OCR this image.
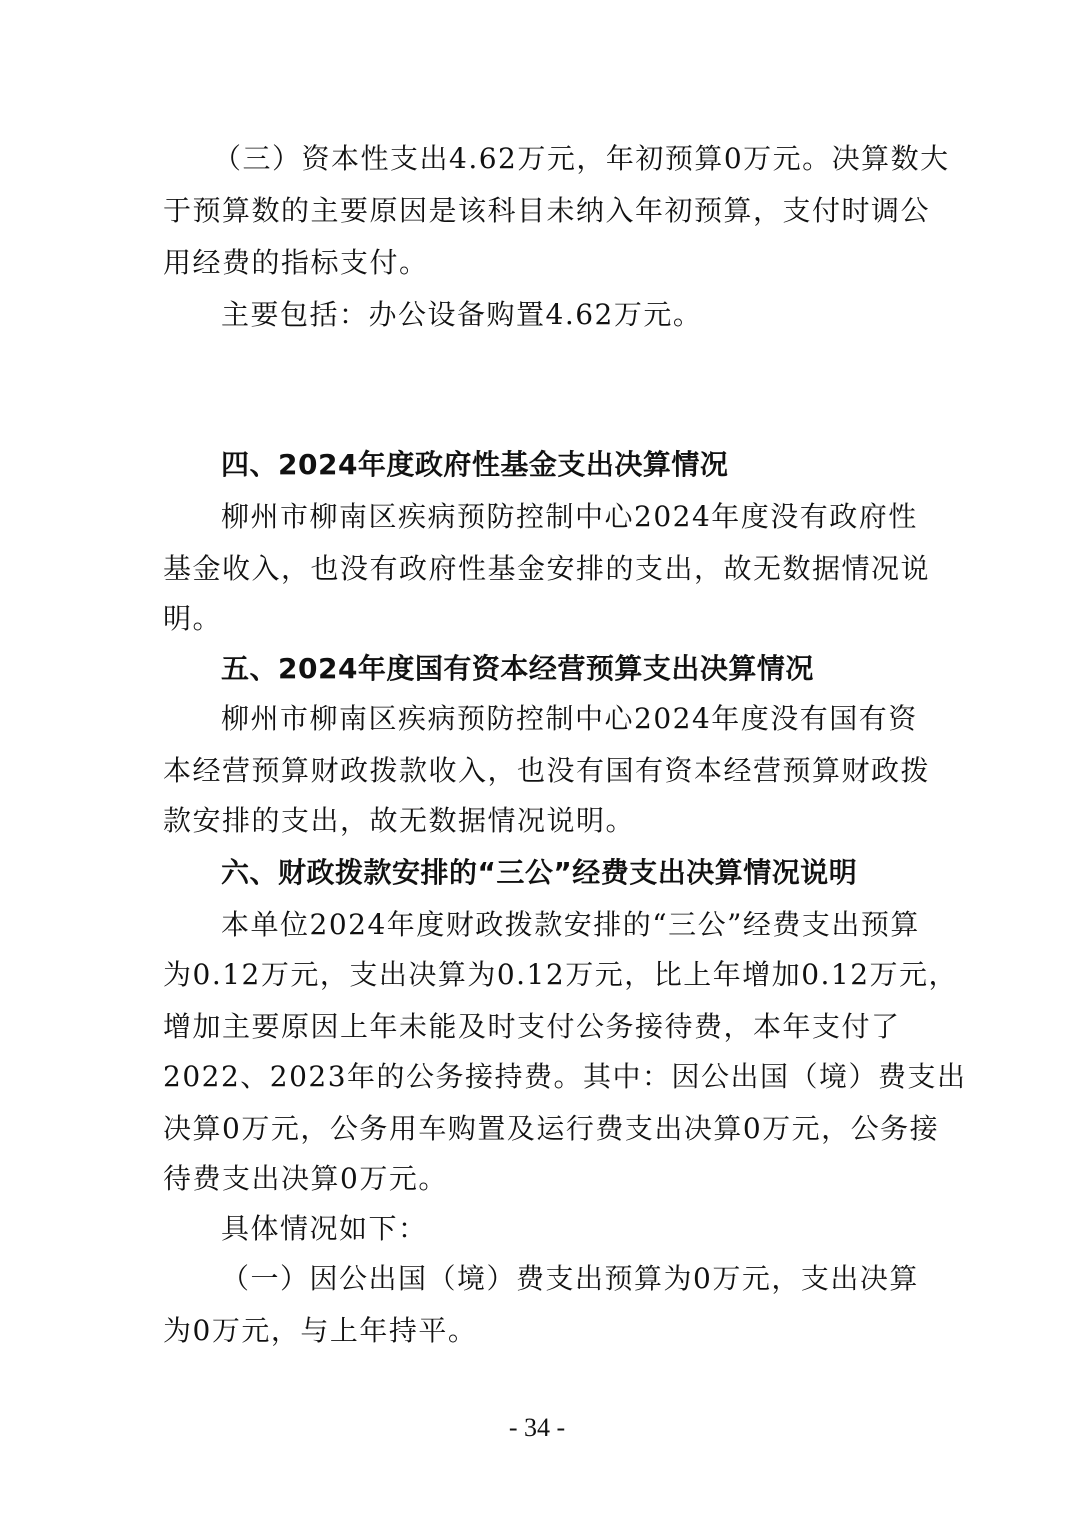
（三）资本性支出4.62万元，年初预算0万元。决算数大

于预算数的主要原因是该科目未纳入年初预算，支付时调公

用经费的指标支付。

主要包括：办公设备购置4.62万元。

四、2024年度政府性基金支出决算情况

柳州市柳南区疾病预防控制中心2024年度没有政府性

基金收入，也没有政府性基金安排的支出，故无数据情况说

明。

五、2024年度国有资本经营预算支出决算情况

柳州市柳南区疾病预防控制中心2024年度没有国有资

本经营预算财政拨款收入，也没有国有资本经营预算财政拨

款安排的支出，故无数据情况说明。

六、财政拨款安排的“三公”经费支出决算情况说明

本单位2024年度财政拨款安排的“三公”经费支出预算

为0.12万元，支出决算为0.12万元，比上年增加0.12万元，

增加主要原因上年未能及时支付公务接待费，本年支付了

2022、2023年的公务接持费。其中：因公出国（境）费支出

决算0万元，公务用车购置及运行费支出决算0万元，公务接

待费支出决算0万元。

具体情况如下：

（一）因公出国（境）费支出预算为0万元，支出决算

为0万元，与上年持平。

- 34 -
